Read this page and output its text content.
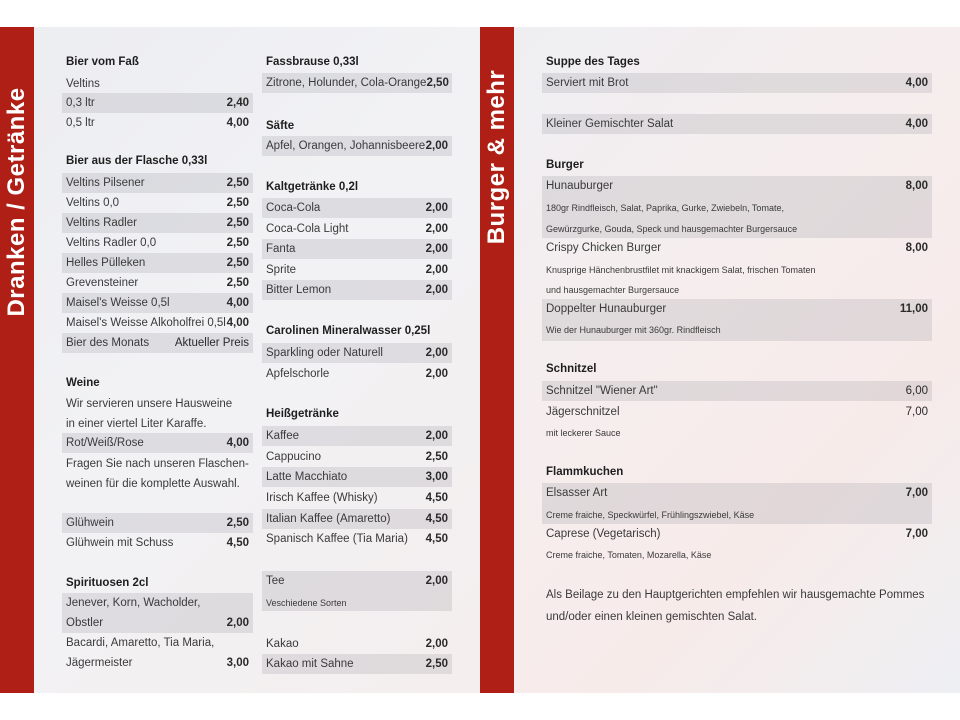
Dranken / Getränke
Bier vom Faß
Veltins
0,3 ltr	2,40
0,5 ltr	4,00
Bier aus der Flasche 0,33l
Veltins Pilsener	2,50
Veltins 0,0	2,50
Veltins Radler	2,50
Veltins Radler 0,0	2,50
Helles Pülleken	2,50
Grevensteiner	2,50
Maisel's Weisse 0,5l	4,00
Maisel's Weisse Alkoholfrei 0,5l 4,00
Bier des Monats Aktueller Preis
Weine
Wir servieren unsere Hausweine
in einer viertel Liter Karaffe.
Rot/Weiß/Rose	4,00
Fragen Sie nach unseren Flaschen-
weinen für die komplette Auswahl.
Glühwein	2,50
Glühwein mit Schuss	4,50
Spirituosen 2cl
Jenever, Korn, Wacholder,
Obstler	2,00
Bacardi, Amaretto, Tia Maria,
Jägermeister	3,00
Fassbrause 0,33l
Zitrone, Holunder, Cola-Orange 2,50
Säfte
Apfel, Orangen, Johannisbeere 2,00
Kaltgeträn​ke 0,2l
Coca-Cola	2,00
Coca-Cola Light	2,00
Fanta	2,00
Sprite	2,00
Bitter Lemon	2,00
Carolinen Mineralwasser 0,25l
Sparkling oder Naturell	2,00
Apfelschorle	2,00
Heißgetränke
Kaffee	2,00
Cappucino	2,50
Latte Macchiato	3,00
Irisch Kaffee (Whisky)	4,50
Italian Kaffee (Amaretto)	4,50
Spanisch Kaffee (Tia Maria) 4,50
Tee	2,00
Veschiedene Sorten
Kakao	2,00
Kakao mit Sahne	2,50
Burger & mehr
Suppe des Tages
Serviert mit Brot	4,00
Kleiner Gemischter Salat	4,00
Burger
Hunauburger	8,00
180gr Rindfleisch, Salat, Paprika, Gurke, Zwiebeln, Tomate,
Gewürzgurke, Gouda, Speck und hausgemachter Burgersauce
Crispy Chicken Burger	8,00
Knusprige Hänchenbrustfilet mit knackigem Salat, frischen Tomaten
und hausgemachter Burgersauce
Doppelter Hunauburger	11,00
Wie der Hunauburger mit 360gr. Rindfleisch
Schnitzel
Schnitzel "Wiener Art"	6,00
Jägerschnitzel	7,00
mit leckerer Sauce
Flammkuchen
Elsasser Art	7,00
Creme fraiche, Speckwürfel, Frühlingszwiebel, Käse
Caprese (Vegetarisch)	7,00
Creme fraiche, Tomaten, Mozarella, Käse
Als Beilage zu den Hauptgerichten empfehlen wir hausgemachte Pommes
und/oder einen kleinen gemischten Salat.
